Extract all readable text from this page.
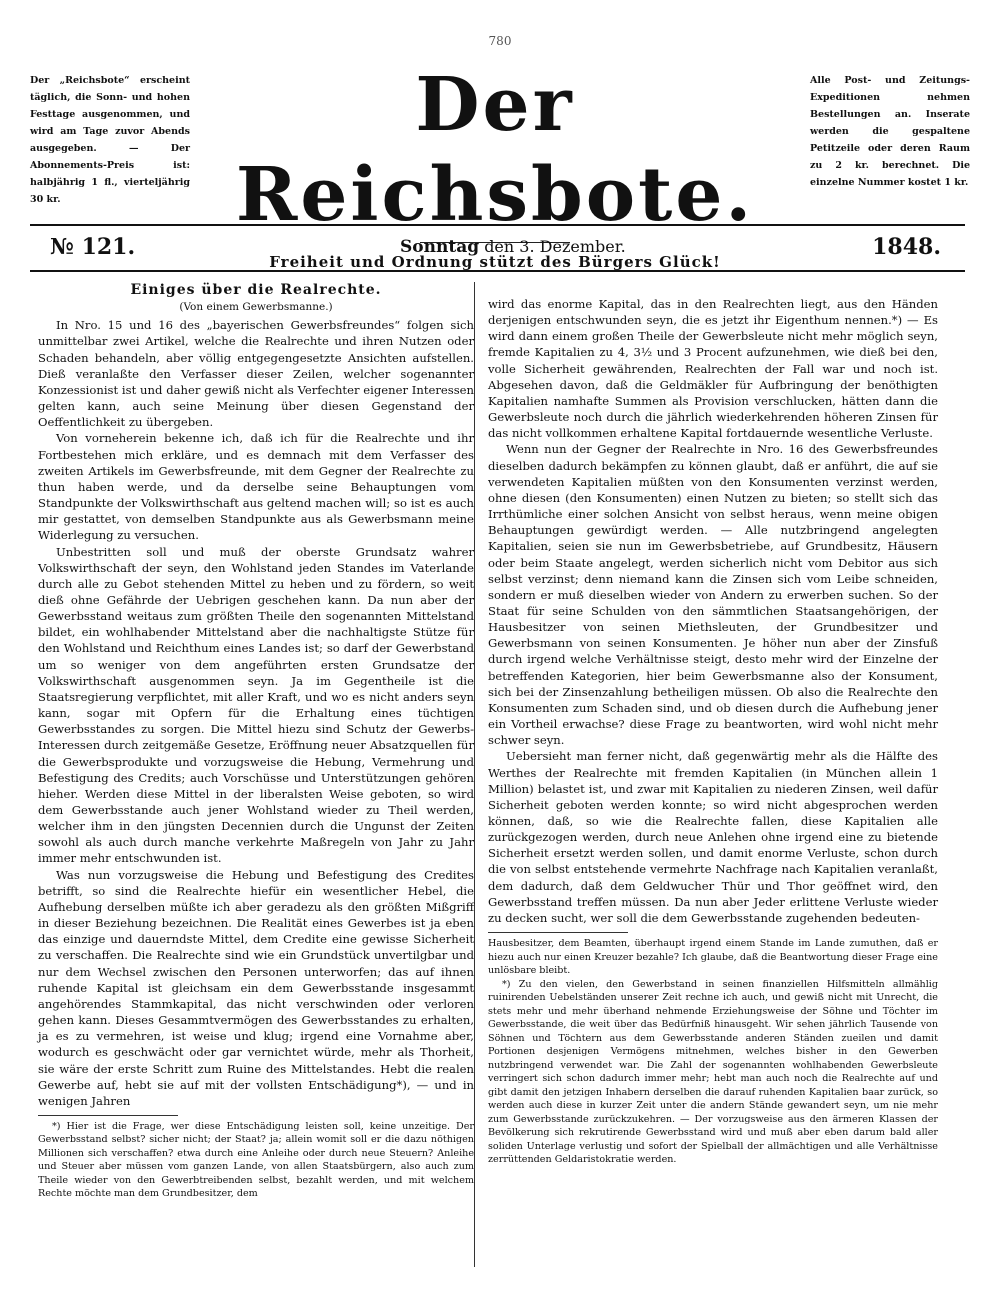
780
Der „Reichsbote“ erscheint täglich, die Sonn- und hohen Festtage ausgenommen, und wird am Tage zuvor Abends ausgegeben. — Der Abonnements-Preis ist: halbjährig 1 fl., vierteljährig 30 kr.
Der Reichsbote.
Freiheit und Ordnung stützt des Bürgers Glück!
Alle Post- und Zeitungs-Expeditionen nehmen Bestellungen an. Inserate werden die gespaltene Petitzeile oder deren Raum zu 2 kr. berechnet. Die einzelne Nummer kostet 1 kr.
№ 121.	Sonntag den 3. Dezember.	1848.
Einiges über die Realrechte.
(Von einem Gewerbsmanne.)

In Nro. 15 und 16 des „bayerischen Gewerbsfreundes“ folgen sich unmittelbar zwei Artikel, welche die Realrechte und ihren Nutzen oder Schaden behandeln, aber völlig entgegengesetzte Ansichten aufstellen. Dieß veranlaßte den Verfasser dieser Zeilen, welcher sogenannter Konzessionist ist und daher gewiß nicht als Verfechter eigener Interessen gelten kann, auch seine Meinung über diesen Gegenstand der Oeffentlichkeit zu übergeben.

Von vorneherein bekenne ich, daß ich für die Realrechte und ihr Fortbestehen mich erkläre, und es demnach mit dem Verfasser des zweiten Artikels im Gewerbsfreunde, mit dem Gegner der Realrechte zu thun haben werde, und da derselbe seine Behauptungen vom Standpunkte der Volkswirthschaft aus geltend machen will; so ist es auch mir gestattet, von demselben Standpunkte aus als Gewerbsmann meine Widerlegung zu versuchen.

Unbestritten soll und muß der oberste Grundsatz wahrer Volkswirthschaft der seyn, den Wohlstand jeden Standes im Vaterlande durch alle zu Gebot stehenden Mittel zu heben und zu fördern, so weit dieß ohne Gefährde der Uebrigen geschehen kann. Da nun aber der Gewerbsstand weitaus zum größten Theile den sogenannten Mittelstand bildet, ein wohlhabender Mittelstand aber die nachhaltigste Stütze für den Wohlstand und Reichthum eines Landes ist; so darf der Gewerbstand um so weniger von dem angeführten ersten Grundsatze der Volkswirthschaft ausgenommen seyn. Ja im Gegentheile ist die Staatsregierung verpflichtet, mit aller Kraft, und wo es nicht anders seyn kann, sogar mit Opfern für die Erhaltung eines tüchtigen Gewerbsstandes zu sorgen. Die Mittel hiezu sind Schutz der Gewerbs-Interessen durch zeitgemäße Gesetze, Eröffnung neuer Absatzquellen für die Gewerbsprodukte und vorzugsweise die Hebung, Vermehrung und Befestigung des Credits; auch Vorschüsse und Unterstützungen gehören hieher. Werden diese Mittel in der liberalsten Weise geboten, so wird dem Gewerbsstande auch jener Wohlstand wieder zu Theil werden, welcher ihm in den jüngsten Decennien durch die Ungunst der Zeiten sowohl als auch durch manche verkehrte Maßregeln von Jahr zu Jahr immer mehr entschwunden ist.

Was nun vorzugsweise die Hebung und Befestigung des Credites betrifft, so sind die Realrechte hiefür ein wesentlicher Hebel, die Aufhebung derselben müßte ich aber geradezu als den größten Mißgriff in dieser Beziehung bezeichnen. Die Realität eines Gewerbes ist ja eben das einzige und dauerndste Mittel, dem Credite eine gewisse Sicherheit zu verschaffen. Die Realrechte sind wie ein Grundstück unvertilgbar und nur dem Wechsel zwischen den Personen unterworfen; das auf ihnen ruhende Kapital ist gleichsam ein dem Gewerbsstande insgesammt angehörendes Stammkapital, das nicht verschwinden oder verloren gehen kann. Dieses Gesammtvermögen des Gewerbsstandes zu erhalten, ja es zu vermehren, ist weise und klug; irgend eine Vornahme aber, wodurch es geschwächt oder gar vernichtet würde, mehr als Thorheit, sie wäre der erste Schritt zum Ruine des Mittelstandes. Hebt die realen Gewerbe auf, hebt sie auf mit der vollsten Entschädigung*), — und in wenigen Jahren

*) Hier ist die Frage, wer diese Entschädigung leisten soll, keine unzeitige. Der Gewerbsstand selbst? sicher nicht; der Staat? ja; allein womit soll er die dazu nöthigen Millionen sich verschaffen? etwa durch eine Anleihe oder durch neue Steuern? Anleihe und Steuer aber müssen vom ganzen Lande, von allen Staatsbürgern, also auch zum Theile wieder von den Gewerbtreibenden selbst, bezahlt werden, und mit welchem Rechte möchte man dem Grundbesitzer, dem

wird das enorme Kapital, das in den Realrechten liegt, aus den Händen derjenigen entschwunden seyn, die es jetzt ihr Eigenthum nennen.*) — Es wird dann einem großen Theile der Gewerbsleute nicht mehr möglich seyn, fremde Kapitalien zu 4, 3½ und 3 Procent aufzunehmen, wie dieß bei den, volle Sicherheit gewährenden, Realrechten der Fall war und noch ist. Abgesehen davon, daß die Geldmäkler für Aufbringung der benöthigten Kapitalien namhafte Summen als Provision verschlucken, hätten dann die Gewerbsleute noch durch die jährlich wiederkehrenden höheren Zinsen für das nicht vollkommen erhaltene Kapital fortdauernde wesentliche Verluste.

Wenn nun der Gegner der Realrechte in Nro. 16 des Gewerbsfreundes dieselben dadurch bekämpfen zu können glaubt, daß er anführt, die auf sie verwendeten Kapitalien müßten von den Konsumenten verzinst werden, ohne diesen (den Konsumenten) einen Nutzen zu bieten; so stellt sich das Irrthümliche einer solchen Ansicht von selbst heraus, wenn meine obigen Behauptungen gewürdigt werden. — Alle nutzbringend angelegten Kapitalien, seien sie nun im Gewerbsbetriebe, auf Grundbesitz, Häusern oder beim Staate angelegt, werden sicherlich nicht vom Debitor aus sich selbst verzinst; denn niemand kann die Zinsen sich vom Leibe schneiden, sondern er muß dieselben wieder von Andern zu erwerben suchen. So der Staat für seine Schulden von den sämmtlichen Staatsangehörigen, der Hausbesitzer von seinen Miethsleuten, der Grundbesitzer und Gewerbsmann von seinen Konsumenten. Je höher nun aber der Zinsfuß durch irgend welche Verhältnisse steigt, desto mehr wird der Einzelne der betreffenden Kategorien, hier beim Gewerbsmanne also der Konsument, sich bei der Zinsenzahlung betheiligen müssen. Ob also die Realrechte den Konsumenten zum Schaden sind, und ob diesen durch die Aufhebung jener ein Vortheil erwachse? diese Frage zu beantworten, wird wohl nicht mehr schwer seyn.

Uebersieht man ferner nicht, daß gegenwärtig mehr als die Hälfte des Werthes der Realrechte mit fremden Kapitalien (in München allein 1 Million) belastet ist, und zwar mit Kapitalien zu niederen Zinsen, weil dafür Sicherheit geboten werden konnte; so wird nicht abgesprochen werden können, daß, so wie die Realrechte fallen, diese Kapitalien alle zurückgezogen werden, durch neue Anlehen ohne irgend eine zu bietende Sicherheit ersetzt werden sollen, und damit enorme Verluste, schon durch die von selbst entstehende vermehrte Nachfrage nach Kapitalien veranlaßt, dem dadurch, daß dem Geldwucher Thür und Thor geöffnet wird, den Gewerbsstand treffen müssen. Da nun aber Jeder erlittene Verluste wieder zu decken sucht, wer soll die dem Gewerbsstande zugehenden bedeuten-

Hausbesitzer, dem Beamten, überhaupt irgend einem Stande im Lande zumuthen, daß er hiezu auch nur einen Kreuzer bezahle? Ich glaube, daß die Beantwortung dieser Frage eine unlösbare bleibt.

*) Zu den vielen, den Gewerbstand in seinen finanziellen Hilfsmitteln allmählig ruinirenden Uebelständen unserer Zeit rechne ich auch, und gewiß nicht mit Unrecht, die stets mehr und mehr überhand nehmende Erziehungsweise der Söhne und Töchter im Gewerbsstande, die weit über das Bedürfniß hinausgeht. Wir sehen jährlich Tausende von Söhnen und Töchtern aus dem Gewerbsstande anderen Ständen zueilen und damit Portionen desjenigen Vermögens mitnehmen, welches bisher in den Gewerben nutzbringend verwendet war. Die Zahl der sogenannten wohlhabenden Gewerbsleute verringert sich schon dadurch immer mehr; hebt man auch noch die Realrechte auf und gibt damit den jetzigen Inhabern derselben die darauf ruhenden Kapitalien baar zurück, so werden auch diese in kurzer Zeit unter die andern Stände gewandert seyn, um nie mehr zum Gewerbsstande zurückzukehren. — Der vorzugsweise aus den ärmeren Klassen der Bevölkerung sich rekrutirende Gewerbsstand wird und muß aber eben darum bald aller soliden Unterlage verlustig und sofort der Spielball der allmächtigen und alle Verhältnisse zerrüttenden Geldaristokratie werden.
